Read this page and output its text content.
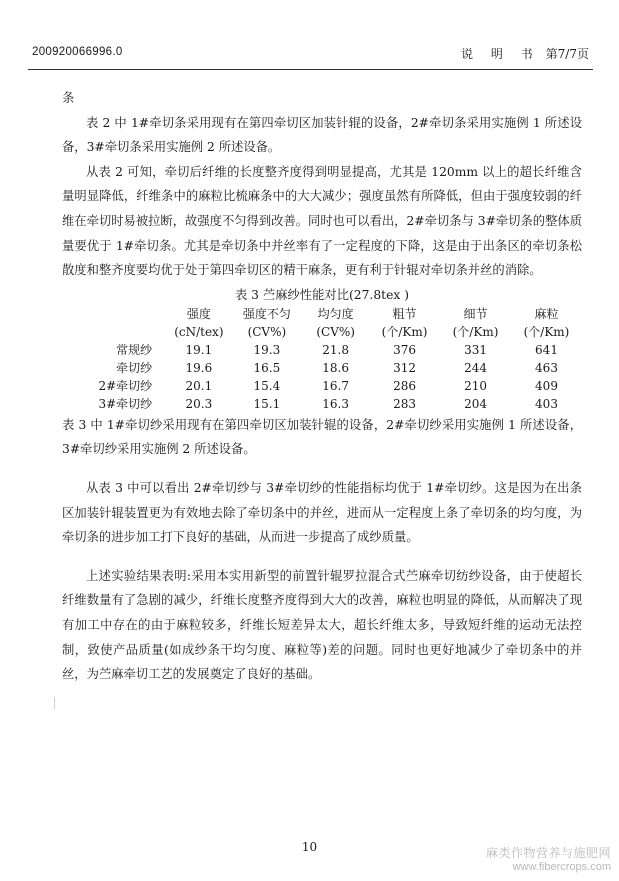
200920066996.0	说 明 书 第7/7页

条

表 2 中 1#牵切条采用现有在第四牵切区加装针辊的设备，2#牵切条采用实施例 1 所述设备，3#牵切条采用实施例 2 所述设备。

从表 2 可知，牵切后纤维的长度整齐度得到明显提高，尤其是 120mm 以上的超长纤维含量明显降低，纤维条中的麻粒比梳麻条中的大大减少；强度虽然有所降低，但由于强度较弱的纤维在牵切时易被拉断，故强度不匀得到改善。同时也可以看出，2#牵切条与 3#牵切条的整体质量要优于 1#牵切条。尤其是牵切条中并丝率有了一定程度的下降，这是由于出条区的牵切条松散度和整齐度要均优于处于第四牵切区的精干麻条，更有利于针辊对牵切条并丝的消除。

表 3 苎麻纱性能对比(27.8tex )
	强度	强度不匀	均匀度	粗节	细节	麻粒
	(cN/tex)	(CV%)	(CV%)	(个/Km)	(个/Km)	(个/Km)
常规纱	19.1	19.3	21.8	376	331	641
牵切纱	19.6	16.5	18.6	312	244	463
2#牵切纱	20.1	15.4	16.7	286	210	409
3#牵切纱	20.3	15.1	16.3	283	204	403

表 3 中 1#牵切纱采用现有在第四牵切区加装针辊的设备，2#牵切纱采用实施例 1 所述设备，3#牵切纱采用实施例 2 所述设备。

从表 3 中可以看出 2#牵切纱与 3#牵切纱的性能指标均优于 1#牵切纱。这是因为在出条区加装针辊装置更为有效地去除了牵切条中的并丝，进而从一定程度上条了牵切条的均匀度，为牵切条的进步加工打下良好的基础，从而进一步提高了成纱质量。

上述实验结果表明:采用本实用新型的前置针辊罗拉混合式苎麻牵切纺纱设备，由于使超长纤维数量有了急剧的减少，纤维长度整齐度得到大大的改善，麻粒也明显的降低，从而解决了现有加工中存在的由于麻粒较多，纤维长短差异太大，超长纤维太多，导致短纤维的运动无法控制，致使产品质量(如成纱条干均匀度、麻粒等)差的问题。同时也更好地减少了牵切条中的并丝，为苎麻牵切工艺的发展奠定了良好的基础。

10	麻类作物营养与施肥网
www.fibercrops.com
